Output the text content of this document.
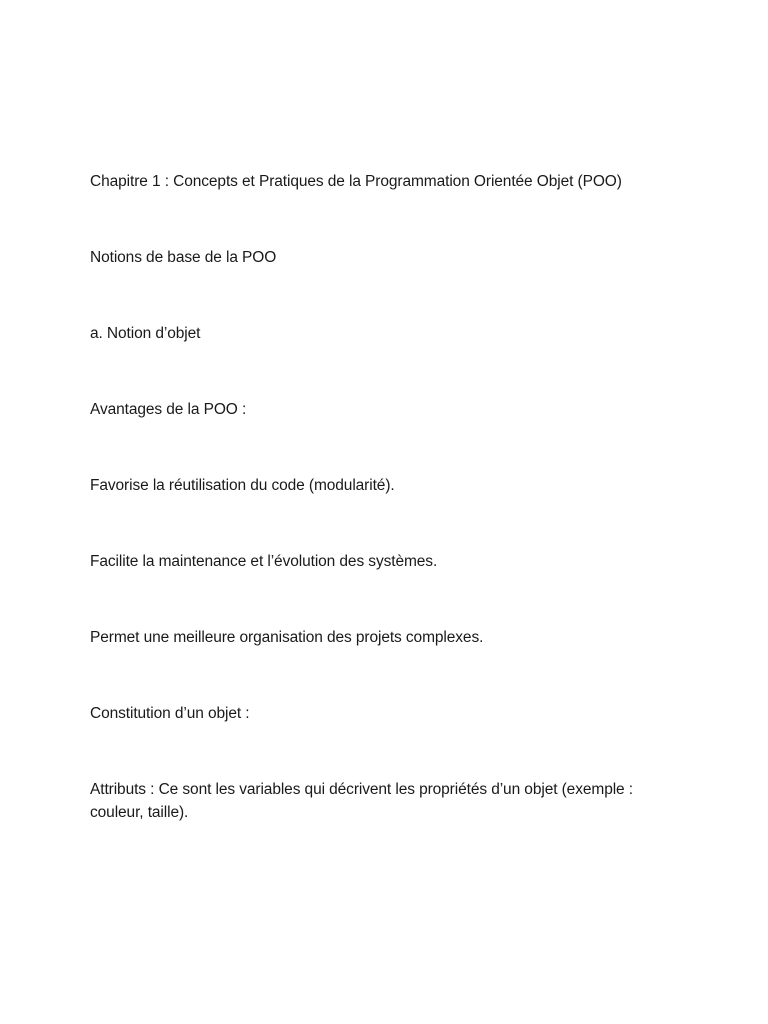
Chapitre 1 : Concepts et Pratiques de la Programmation Orientée Objet (POO)

Notions de base de la POO

a. Notion d’objet

Avantages de la POO :

Favorise la réutilisation du code (modularité).

Facilite la maintenance et l’évolution des systèmes.

Permet une meilleure organisation des projets complexes.

Constitution d’un objet :

Attributs : Ce sont les variables qui décrivent les propriétés d’un objet (exemple : couleur, taille).
